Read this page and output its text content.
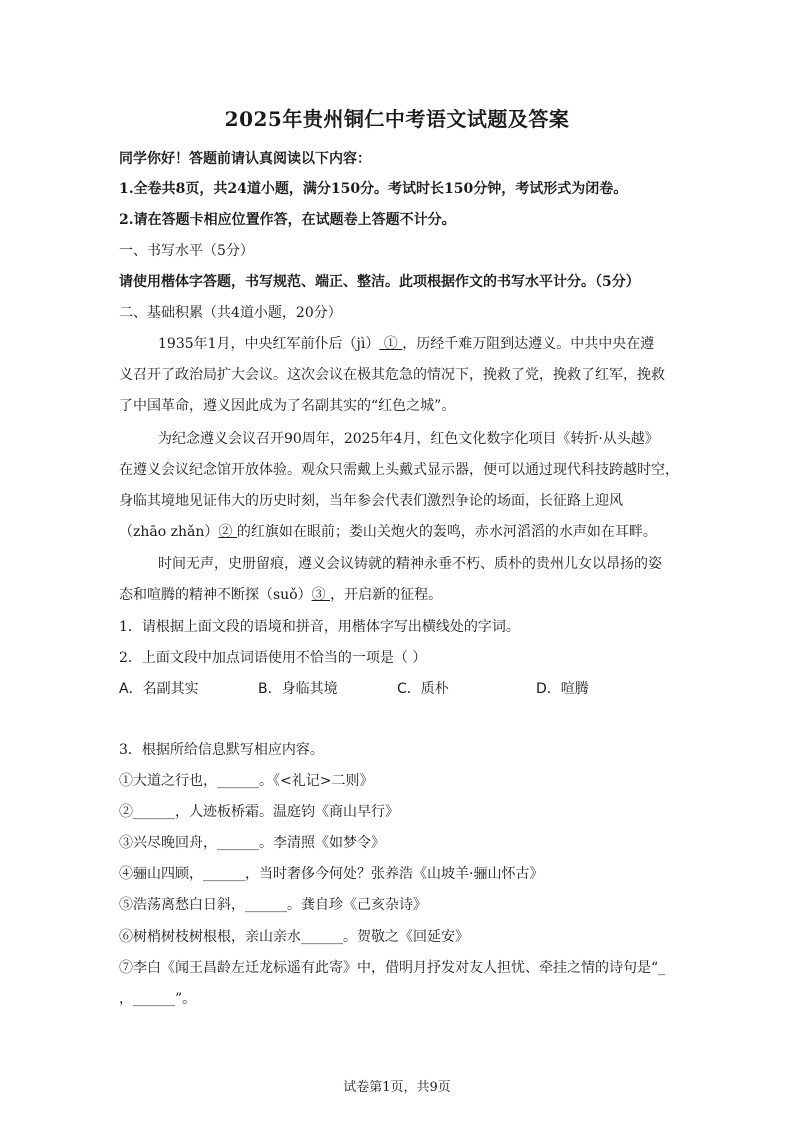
2025年贵州铜仁中考语文试题及答案
同学你好！答题前请认真阅读以下内容：
1.全卷共8页，共24道小题，满分150分。考试时长150分钟，考试形式为闭卷。
2.请在答题卡相应位置作答，在试题卷上答题不计分。
一、书写水平（5分）
请使用楷体字答题，书写规范、端正、整洁。此项根据作文的书写水平计分。（5分）
二、基础积累（共4道小题，20分）
1935年1月，中央红军前仆后（jì） ① ，历经千难万阻到达遵义。中共中央在遵
义召开了政治局扩大会议。这次会议在极其危急的情况下，挽救了党，挽救了红军，挽救
了中国革命，遵义因此成为了名副其实的“红色之城”。
为纪念遵义会议召开90周年，2025年4月，红色文化数字化项目《转折·从头越》
在遵义会议纪念馆开放体验。观众只需戴上头戴式显示器，便可以通过现代科技跨越时空，
身临其境地见证伟大的历史时刻，当年参会代表们激烈争论的场面，长征路上迎风
（zhāo zhǎn）② 的红旗如在眼前；娄山关炮火的轰鸣，赤水河滔滔的水声如在耳畔。
时间无声，史册留痕，遵义会议铸就的精神永垂不朽、质朴的贵州儿女以昂扬的姿
态和喧腾的精神不断探（suǒ）③ ，开启新的征程。
1．请根据上面文段的语境和拼音，用楷体字写出横线处的字词。
2．上面文段中加点词语使用不恰当的一项是（ ）
A．名副其实	B．身临其境	C．质朴	D．喧腾
3．根据所给信息默写相应内容。
①大道之行也，______。《<礼记>二则》
②______，人迹板桥霜。温庭钧《商山早行》
③兴尽晚回舟，______。李清照《如梦令》
④骊山四顾，______，当时奢侈今何处？张养浩《山坡羊·骊山怀古》
⑤浩荡离愁白日斜，______。龚自珍《己亥杂诗》
⑥树梢树枝树根根，亲山亲水______。贺敬之《回延安》
⑦李白《闻王昌龄左迁龙标遥有此寄》中，借明月抒发对友人担忧、牵挂之情的诗句是“_
，______”。
试卷第1页，共9页
